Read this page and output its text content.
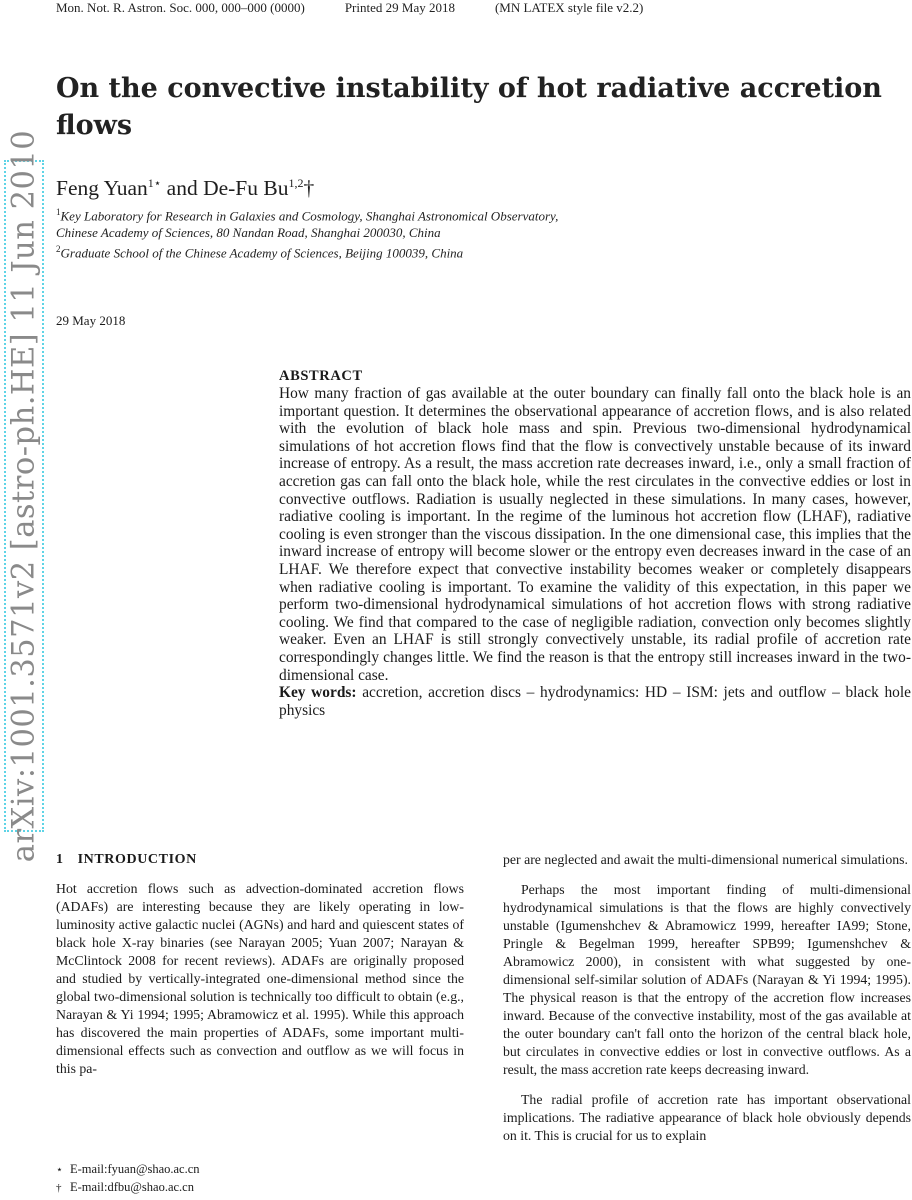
Mon. Not. R. Astron. Soc. 000, 000–000 (0000)	Printed 29 May 2018	(MN LATEX style file v2.2)
arXiv:1001.3571v2 [astro-ph.HE] 11 Jun 2010
On the convective instability of hot radiative accretion flows

Feng Yuan$^{1⋆}$ and De-Fu Bu$^{1,2}$†

$^1$Key Laboratory for Research in Galaxies and Cosmology, Shanghai Astronomical Observatory,
Chinese Academy of Sciences, 80 Nandan Road, Shanghai 200030, China
$^2$Graduate School of the Chinese Academy of Sciences, Beijing 100039, China
29 May 2018
ABSTRACT

How many fraction of gas available at the outer boundary can finally fall onto the black hole is an important question. It determines the observational appearance of accretion flows, and is also related with the evolution of black hole mass and spin. Previous two-dimensional hydrodynamical simulations of hot accretion flows find that the flow is convectively unstable because of its inward increase of entropy. As a result, the mass accretion rate decreases inward, i.e., only a small fraction of accretion gas can fall onto the black hole, while the rest circulates in the convective eddies or lost in convective outflows. Radiation is usually neglected in these simulations. In many cases, however, radiative cooling is important. In the regime of the luminous hot accretion flow (LHAF), radiative cooling is even stronger than the viscous dissipation. In the one dimensional case, this implies that the inward increase of entropy will become slower or the entropy even decreases inward in the case of an LHAF. We therefore expect that convective instability becomes weaker or completely disappears when radiative cooling is important. To examine the validity of this expectation, in this paper we perform two-dimensional hydrodynamical simulations of hot accretion flows with strong radiative cooling. We find that compared to the case of negligible radiation, convection only becomes slightly weaker. Even an LHAF is still strongly convectively unstable, its radial profile of accretion rate correspondingly changes little. We find the reason is that the entropy still increases inward in the two-dimensional case.

Key words: accretion, accretion discs – hydrodynamics: HD – ISM: jets and outflow – black hole physics

1 INTRODUCTION

Hot accretion flows such as advection-dominated accretion flows (ADAFs) are interesting because they are likely operating in low-luminosity active galactic nuclei (AGNs) and hard and quiescent states of black hole X-ray binaries (see Narayan 2005; Yuan 2007; Narayan & McClintock 2008 for recent reviews). ADAFs are originally proposed and studied by vertically-integrated one-dimensional method since the global two-dimensional solution is technically too difficult to obtain (e.g., Narayan & Yi 1994; 1995; Abramowicz et al. 1995). While this approach has discovered the main properties of ADAFs, some important multi-dimensional effects such as convection and outflow as we will focus in this pa-

per are neglected and await the multi-dimensional numerical simulations.

Perhaps the most important finding of multi-dimensional hydrodynamical simulations is that the flows are highly convectively unstable (Igumenshchev & Abramowicz 1999, hereafter IA99; Stone, Pringle & Begelman 1999, hereafter SPB99; Igumenshchev & Abramowicz 2000), in consistent with what suggested by one-dimensional self-similar solution of ADAFs (Narayan & Yi 1994; 1995). The physical reason is that the entropy of the accretion flow increases inward. Because of the convective instability, most of the gas available at the outer boundary can't fall onto the horizon of the central black hole, but circulates in convective eddies or lost in convective outflows. As a result, the mass accretion rate keeps decreasing inward.

The radial profile of accretion rate has important observational implications. The radiative appearance of black hole obviously depends on it. This is crucial for us to explain

⋆ E-mail:fyuan@shao.ac.cn
† E-mail:dfbu@shao.ac.cn
